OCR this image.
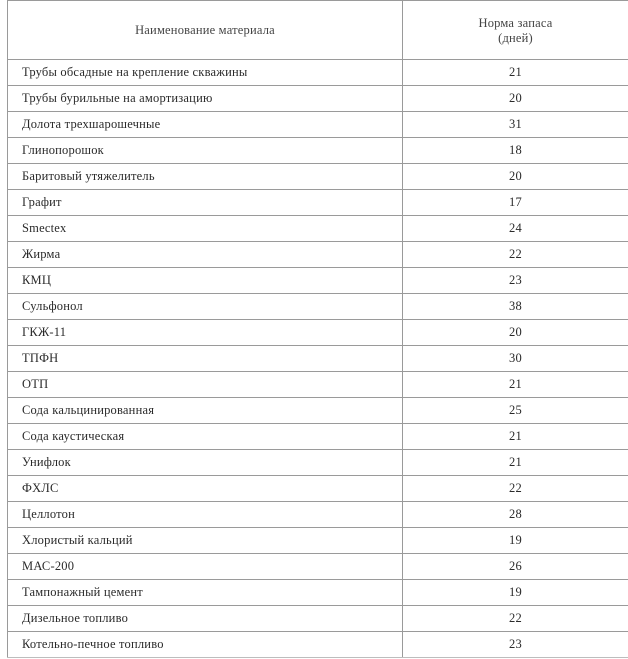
Наименование материала	Норма запаса
(дней)

Трубы обсадные на крепление скважины	21
Трубы бурильные на амортизацию	20
Долота трехшарошечные	31
Глинопорошок	18
Баритовый утяжелитель	20
Графит	17
Smectex	24
Жирма	22
КМЦ	23
Сульфонол	38
ГКЖ-11	20
ТПФН	30
ОТП	21
Сода кальцинированная	25
Сода каустическая	21
Унифлок	21
ФХЛС	22
Целлотон	28
Хлористый кальций	19
МАС-200	26
Тампонажный цемент	19
Дизельное топливо	22
Котельно-печное топливо	23
